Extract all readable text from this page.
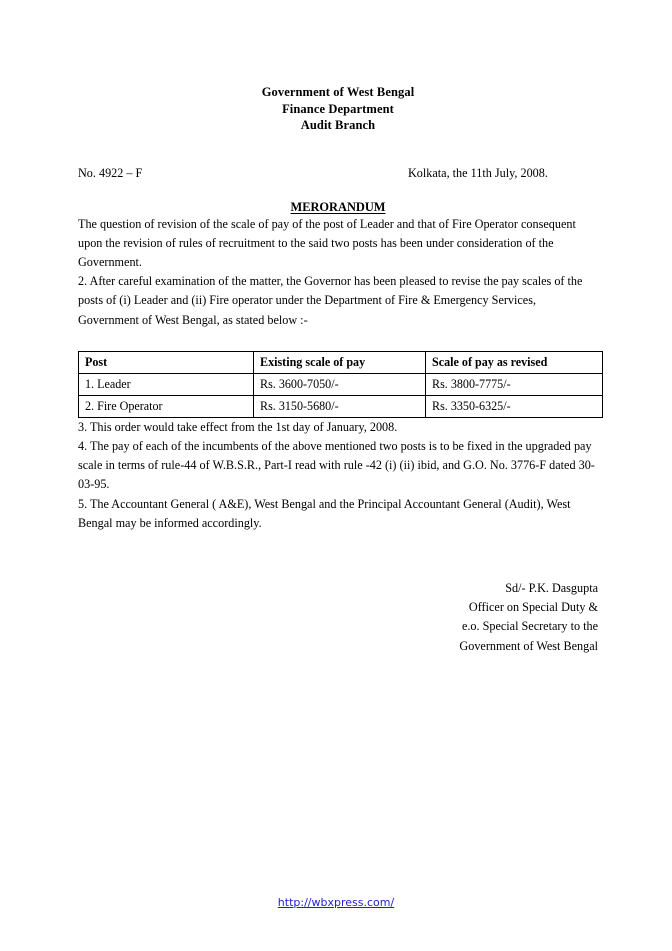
Government of West Bengal
Finance Department
Audit Branch
No. 4922 – F	Kolkata, the 11th July, 2008.
MERORANDUM

The question of revision of the scale of pay of the post of Leader and that of Fire Operator consequent upon the revision of rules of recruitment to the said two posts has been under consideration of the Government.

2. After careful examination of the matter, the Governor has been pleased to revise the pay scales of the posts of (i) Leader and (ii) Fire operator under the Department of Fire & Emergency Services, Government of West Bengal, as stated below :-

Post	Existing scale of pay	Scale of pay as revised
1. Leader	Rs. 3600-7050/-	Rs. 3800-7775/-
2. Fire Operator	Rs. 3150-5680/-	Rs. 3350-6325/-

3. This order would take effect from the 1st day of January, 2008.

4. The pay of each of the incumbents of the above mentioned two posts is to be fixed in the upgraded pay scale in terms of rule-44 of W.B.S.R., Part-I read with rule -42 (i) (ii) ibid, and G.O. No. 3776-F dated 30-03-95.

5. The Accountant General ( A&E), West Bengal and the Principal Accountant General (Audit), West Bengal may be informed accordingly.

Sd/- P.K. Dasgupta
Officer on Special Duty &
e.o. Special Secretary to the
Government of West Bengal
http://wbxpress.com/
